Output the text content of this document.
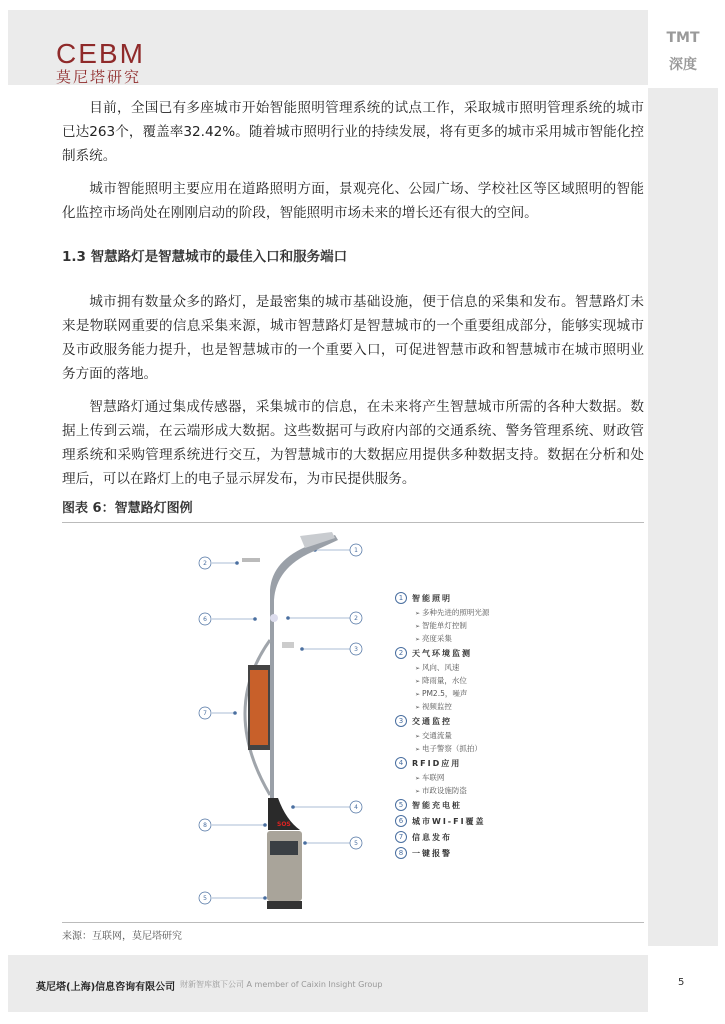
CEBM
莫尼塔研究
TMT
深度

目前，全国已有多座城市开始智能照明管理系统的试点工作，采取城市照明管理系统的城市已达263个，覆盖率32.42%。随着城市照明行业的持续发展，将有更多的城市采用城市智能化控制系统。

城市智能照明主要应用在道路照明方面，景观亮化、公园广场、学校社区等区域照明的智能化监控市场尚处在刚刚启动的阶段，智能照明市场未来的增长还有很大的空间。

1.3 智慧路灯是智慧城市的最佳入口和服务端口

城市拥有数量众多的路灯，是最密集的城市基础设施，便于信息的采集和发布。智慧路灯未来是物联网重要的信息采集来源，城市智慧路灯是智慧城市的一个重要组成部分，能够实现城市及市政服务能力提升，也是智慧城市的一个重要入口，可促进智慧市政和智慧城市在城市照明业务方面的落地。

智慧路灯通过集成传感器，采集城市的信息，在未来将产生智慧城市所需的各种大数据。数据上传到云端，在云端形成大数据。这些数据可与政府内部的交通系统、警务管理系统、财政管理系统和采购管理系统进行交互，为智慧城市的大数据应用提供多种数据支持。数据在分析和处理后，可以在路灯上的电子显示屏发布，为市民提供服务。

图表 6：智慧路灯图例
SOS
2
6
7
8
5
1
2
3
4
5
1	智能照明
➢ 多种先进的照明光源
➢ 智能单灯控制
➢ 亮度采集
2	天气环境监测
➢ 风向、风速
➢ 降雨量，水位
➢ PM2.5，噪声
➢ 视频监控
3	交通监控
➢ 交通流量
➢ 电子警察（抓拍）
4	RFID应用
➢ 车联网
➢ 市政设施防盗
5	智能充电桩
6	城市WI-FI覆盖
7	信息发布
8	一键报警
来源：互联网，莫尼塔研究
莫尼塔(上海)信息咨询有限公司 财新智库旗下公司 A member of Caixin Insight Group	5
